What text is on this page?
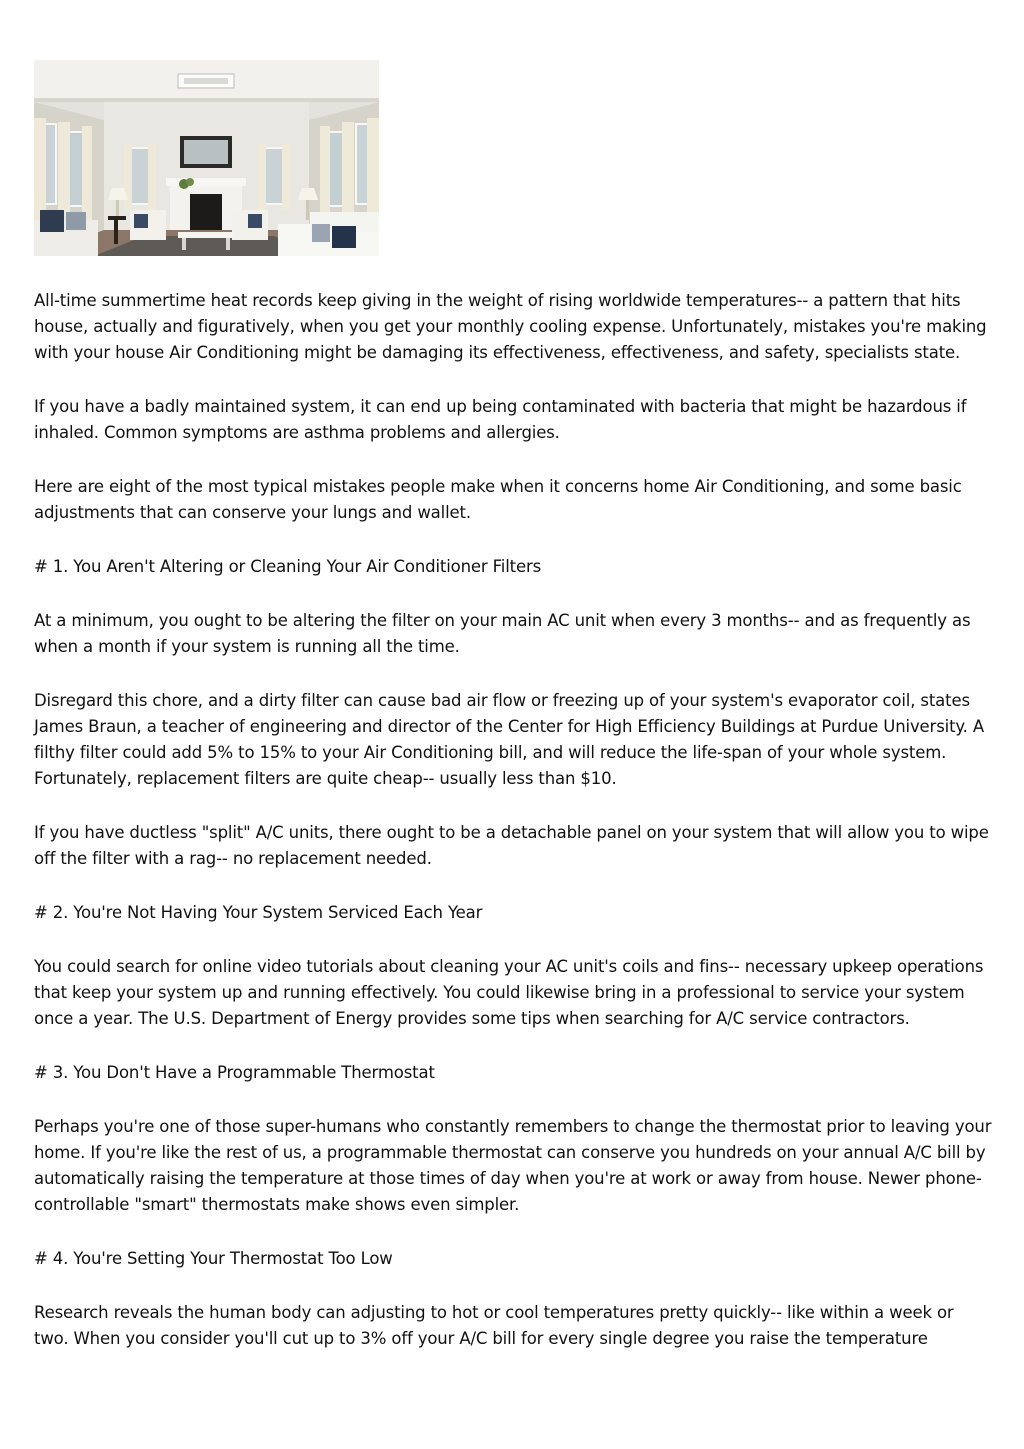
All-time summertime heat records keep giving in the weight of rising worldwide temperatures-- a pattern that hits house, actually and figuratively, when you get your monthly cooling expense. Unfortunately, mistakes you're making with your house Air Conditioning might be damaging its effectiveness, effectiveness, and safety, specialists state.

If you have a badly maintained system, it can end up being contaminated with bacteria that might be hazardous if inhaled. Common symptoms are asthma problems and allergies.

Here are eight of the most typical mistakes people make when it concerns home Air Conditioning, and some basic adjustments that can conserve your lungs and wallet.

# 1. You Aren't Altering or Cleaning Your Air Conditioner Filters

At a minimum, you ought to be altering the filter on your main AC unit when every 3 months-- and as frequently as when a month if your system is running all the time.

Disregard this chore, and a dirty filter can cause bad air flow or freezing up of your system's evaporator coil, states James Braun, a teacher of engineering and director of the Center for High Efficiency Buildings at Purdue University. A filthy filter could add 5% to 15% to your Air Conditioning bill, and will reduce the life-span of your whole system. Fortunately, replacement filters are quite cheap-- usually less than $10.

If you have ductless "split" A/C units, there ought to be a detachable panel on your system that will allow you to wipe off the filter with a rag-- no replacement needed.

# 2. You're Not Having Your System Serviced Each Year

You could search for online video tutorials about cleaning your AC unit's coils and fins-- necessary upkeep operations that keep your system up and running effectively. You could likewise bring in a professional to service your system once a year. The U.S. Department of Energy provides some tips when searching for A/C service contractors.

# 3. You Don't Have a Programmable Thermostat

Perhaps you're one of those super-humans who constantly remembers to change the thermostat prior to leaving your home. If you're like the rest of us, a programmable thermostat can conserve you hundreds on your annual A/C bill by automatically raising the temperature at those times of day when you're at work or away from house. Newer phone-controllable "smart" thermostats make shows even simpler.

# 4. You're Setting Your Thermostat Too Low

Research reveals the human body can adjusting to hot or cool temperatures pretty quickly-- like within a week or two. When you consider you'll cut up to 3% off your A/C bill for every single degree you raise the temperature
